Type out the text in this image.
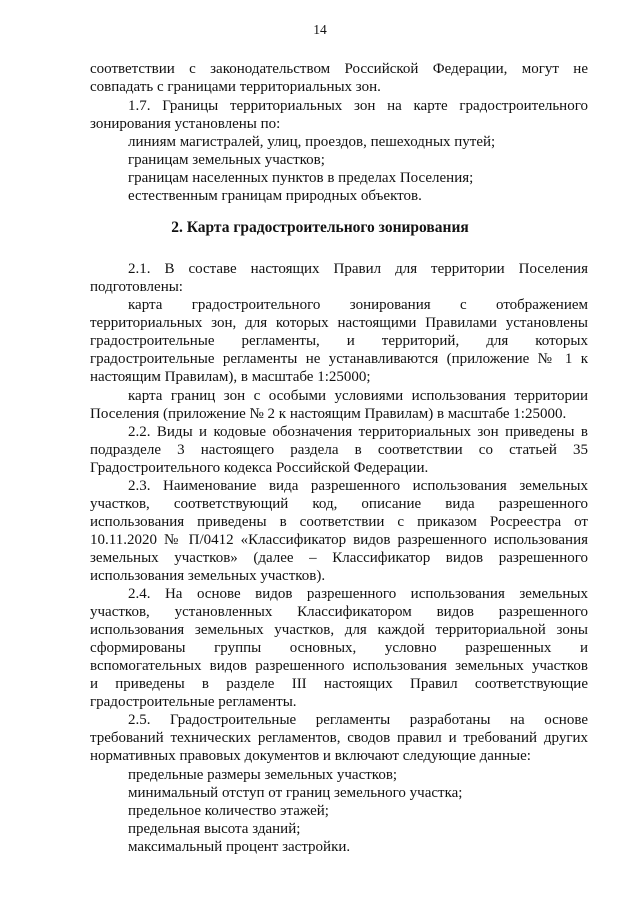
14
соответствии с законодательством Российской Федерации, могут не
совпадать с границами территориальных зон.
1.7. Границы территориальных зон на карте градостроительного
зонирования установлены по:
линиям магистралей, улиц, проездов, пешеходных путей;
границам земельных участков;
границам населенных пунктов в пределах Поселения;
естественным границам природных объектов.
2. Карта градостроительного зонирования
2.1. В составе настоящих Правил для территории Поселения
подготовлены:
карта градостроительного зонирования с отображением
территориальных зон, для которых настоящими Правилами установлены
градостроительные регламенты, и территорий, для которых
градостроительные регламенты не устанавливаются (приложение № 1 к
настоящим Правилам), в масштабе 1:25000;
карта границ зон с особыми условиями использования территории
Поселения (приложение № 2 к настоящим Правилам) в масштабе 1:25000.
2.2. Виды и кодовые обозначения территориальных зон приведены в
подразделе 3 настоящего раздела в соответствии со статьей 35
Градостроительного кодекса Российской Федерации.
2.3. Наименование вида разрешенного использования земельных
участков, соответствующий код, описание вида разрешенного
использования приведены в соответствии с приказом Росреестра от
10.11.2020 № П/0412 «Классификатор видов разрешенного использования
земельных участков» (далее – Классификатор видов разрешенного
использования земельных участков).
2.4. На основе видов разрешенного использования земельных
участков, установленных Классификатором видов разрешенного
использования земельных участков, для каждой территориальной зоны
сформированы группы основных, условно разрешенных и
вспомогательных видов разрешенного использования земельных участков
и приведены в разделе III настоящих Правил соответствующие
градостроительные регламенты.
2.5. Градостроительные регламенты разработаны на основе
требований технических регламентов, сводов правил и требований других
нормативных правовых документов и включают следующие данные:
предельные размеры земельных участков;
минимальный отступ от границ земельного участка;
предельное количество этажей;
предельная высота зданий;
максимальный процент застройки.
